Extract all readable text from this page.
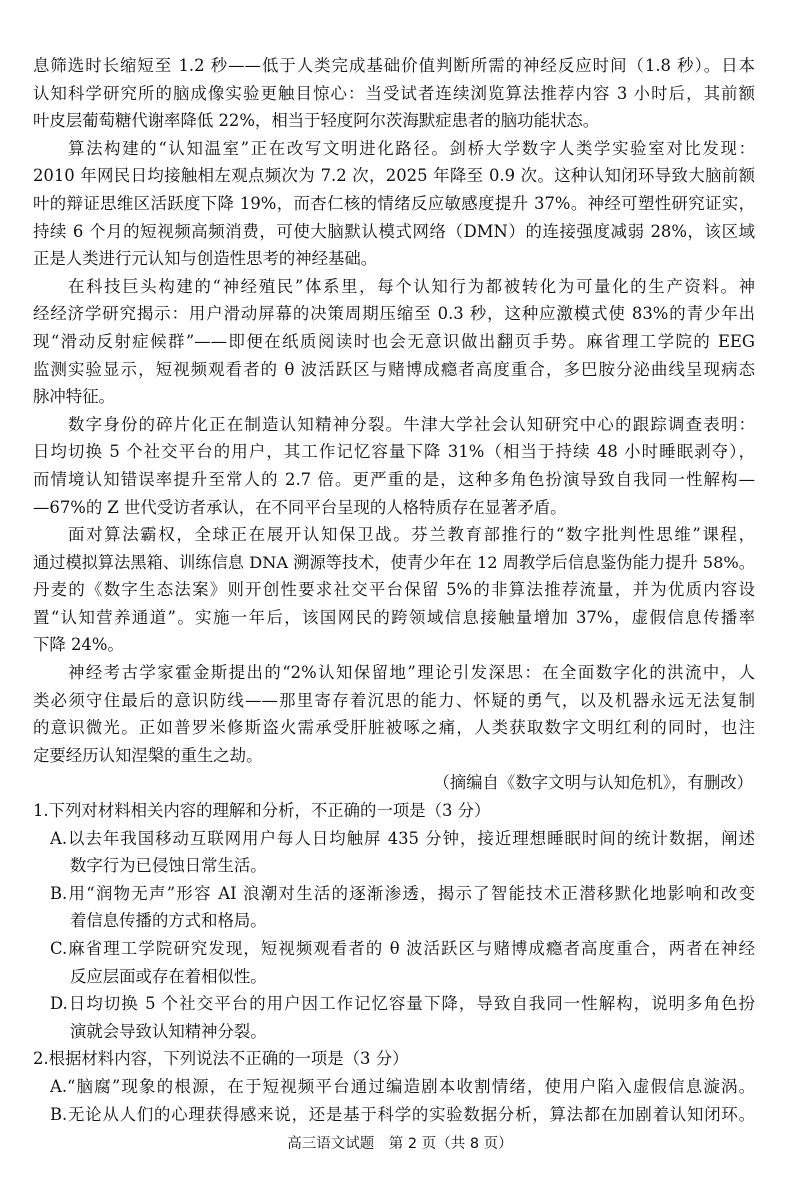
息筛选时长缩短至 1.2 秒——低于人类完成基础价值判断所需的神经反应时间（1.8 秒）。日本
认知科学研究所的脑成像实验更触目惊心：当受试者连续浏览算法推荐内容 3 小时后，其前额
叶皮层葡萄糖代谢率降低 22%，相当于轻度阿尔茨海默症患者的脑功能状态。
算法构建的“认知温室”正在改写文明进化路径。剑桥大学数字人类学实验室对比发现：
2010 年网民日均接触相左观点频次为 7.2 次，2025 年降至 0.9 次。这种认知闭环导致大脑前额
叶的辩证思维区活跃度下降 19%，而杏仁核的情绪反应敏感度提升 37%。神经可塑性研究证实，
持续 6 个月的短视频高频消费，可使大脑默认模式网络（DMN）的连接强度减弱 28%，该区域
正是人类进行元认知与创造性思考的神经基础。
在科技巨头构建的“神经殖民”体系里，每个认知行为都被转化为可量化的生产资料。神
经经济学研究揭示：用户滑动屏幕的决策周期压缩至 0.3 秒，这种应激模式使 83%的青少年出
现“滑动反射症候群”——即便在纸质阅读时也会无意识做出翻页手势。麻省理工学院的 EEG
监测实验显示，短视频观看者的 θ 波活跃区与赌博成瘾者高度重合，多巴胺分泌曲线呈现病态
脉冲特征。
数字身份的碎片化正在制造认知精神分裂。牛津大学社会认知研究中心的跟踪调查表明：
日均切换 5 个社交平台的用户，其工作记忆容量下降 31%（相当于持续 48 小时睡眠剥夺），
而情境认知错误率提升至常人的 2.7 倍。更严重的是，这种多角色扮演导致自我同一性解构—
—67%的 Z 世代受访者承认，在不同平台呈现的人格特质存在显著矛盾。
面对算法霸权，全球正在展开认知保卫战。芬兰教育部推行的“数字批判性思维”课程，
通过模拟算法黑箱、训练信息 DNA 溯源等技术，使青少年在 12 周教学后信息鉴伪能力提升 58%。
丹麦的《数字生态法案》则开创性要求社交平台保留 5%的非算法推荐流量，并为优质内容设
置“认知营养通道”。实施一年后，该国网民的跨领域信息接触量增加 37%，虚假信息传播率
下降 24%。
神经考古学家霍金斯提出的“2%认知保留地”理论引发深思：在全面数字化的洪流中，人
类必须守住最后的意识防线——那里寄存着沉思的能力、怀疑的勇气，以及机器永远无法复制
的意识微光。正如普罗米修斯盗火需承受肝脏被啄之痛，人类获取数字文明红利的同时，也注
定要经历认知涅槃的重生之劫。
（摘编自《数字文明与认知危机》，有删改）
1.下列对材料相关内容的理解和分析，不正确的一项是（3 分）
A.以去年我国移动互联网用户每人日均触屏 435 分钟，接近理想睡眠时间的统计数据，阐述
数字行为已侵蚀日常生活。
B.用“润物无声”形容 AI 浪潮对生活的逐渐渗透，揭示了智能技术正潜移默化地影响和改变
着信息传播的方式和格局。
C.麻省理工学院研究发现，短视频观看者的 θ 波活跃区与赌博成瘾者高度重合，两者在神经
反应层面或存在着相似性。
D.日均切换 5 个社交平台的用户因工作记忆容量下降，导致自我同一性解构，说明多角色扮
演就会导致认知精神分裂。
2.根据材料内容，下列说法不正确的一项是（3 分）
A.“脑腐”现象的根源，在于短视频平台通过编造剧本收割情绪，使用户陷入虚假信息漩涡。
B.无论从人们的心理获得感来说，还是基于科学的实验数据分析，算法都在加剧着认知闭环。
高三语文试题　第 2 页（共 8 页）
